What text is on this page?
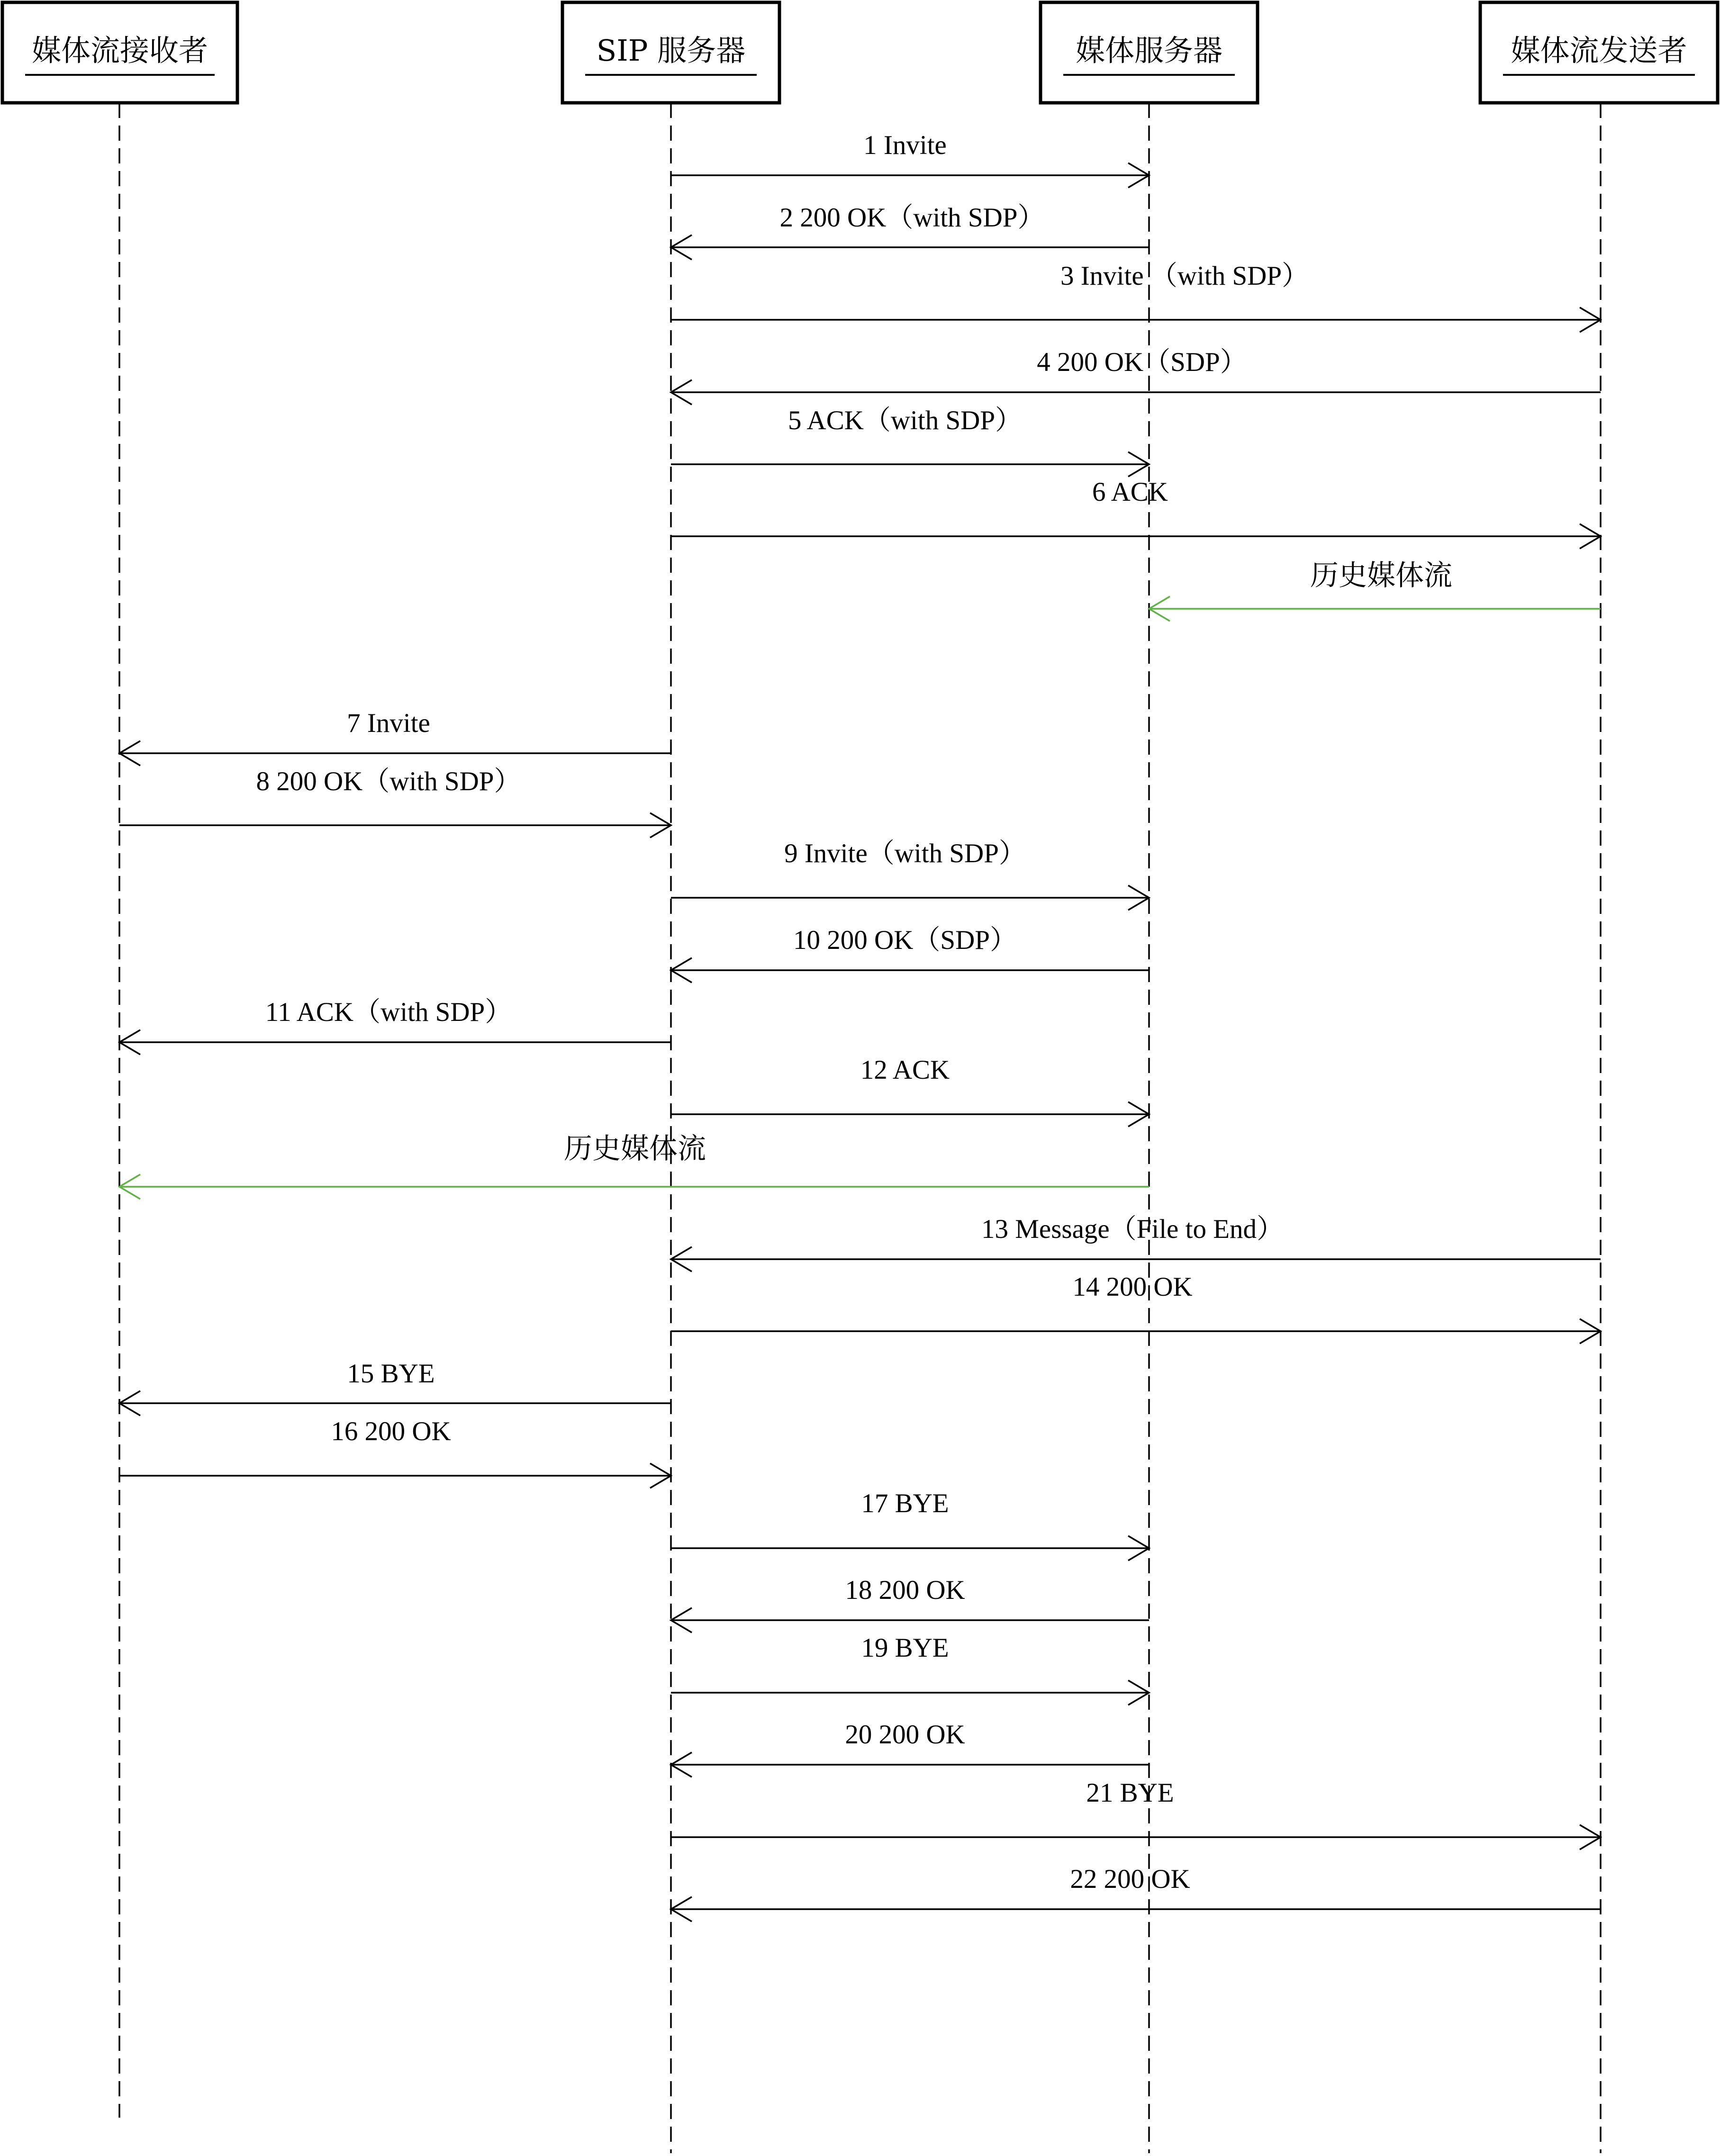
媒体流接收者	SIP 服务器	媒体服务器	媒体流发送者
1 Invite
2 200 OK（with SDP）
3 Invite （with SDP）
4 200 OK（SDP）
5 ACK（with SDP）
6 ACK
历史媒体流
7 Invite
8 200 OK（with SDP）
9 Invite（with SDP）
10 200 OK（SDP）
11 ACK（with SDP）
12 ACK
历史媒体流
13 Message（File to End）
14 200 OK
15 BYE
16 200 OK
17 BYE
18 200 OK
19 BYE
20 200 OK
21 BYE
22 200 OK
